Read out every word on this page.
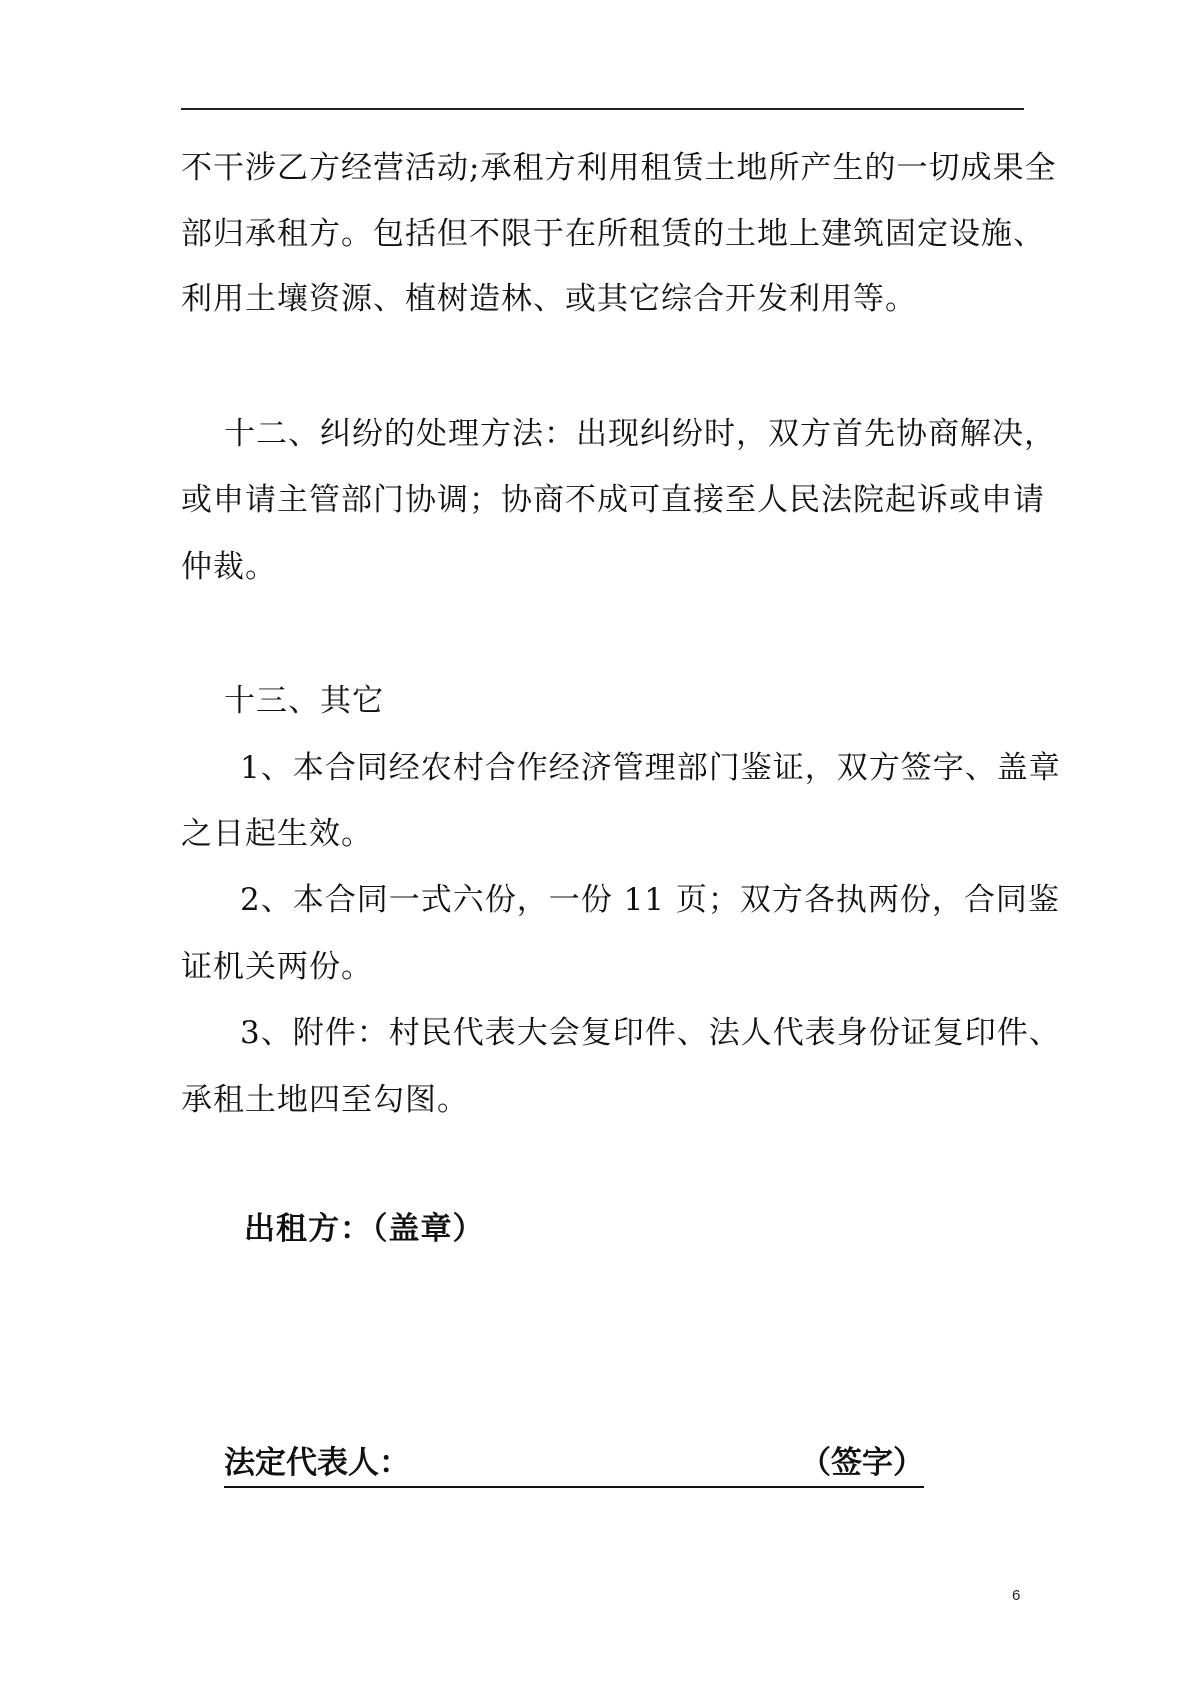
不干涉乙方经营活动;承租方利用租赁土地所产生的一切成果全
部归承租方。包括但不限于在所租赁的土地上建筑固定设施、
利用土壤资源、植树造林、或其它综合开发利用等。
十二、纠纷的处理方法：出现纠纷时，双方首先协商解决，
或申请主管部门协调；协商不成可直接至人民法院起诉或申请
仲裁。
十三、其它
1、本合同经农村合作经济管理部门鉴证，双方签字、盖章
之日起生效。
2、本合同一式六份，一份 11 页；双方各执两份，合同鉴
证机关两份。
3、附件：村民代表大会复印件、法人代表身份证复印件、
承租土地四至勾图。
出租方：（盖章）
法定代表人：	（签字）
6
